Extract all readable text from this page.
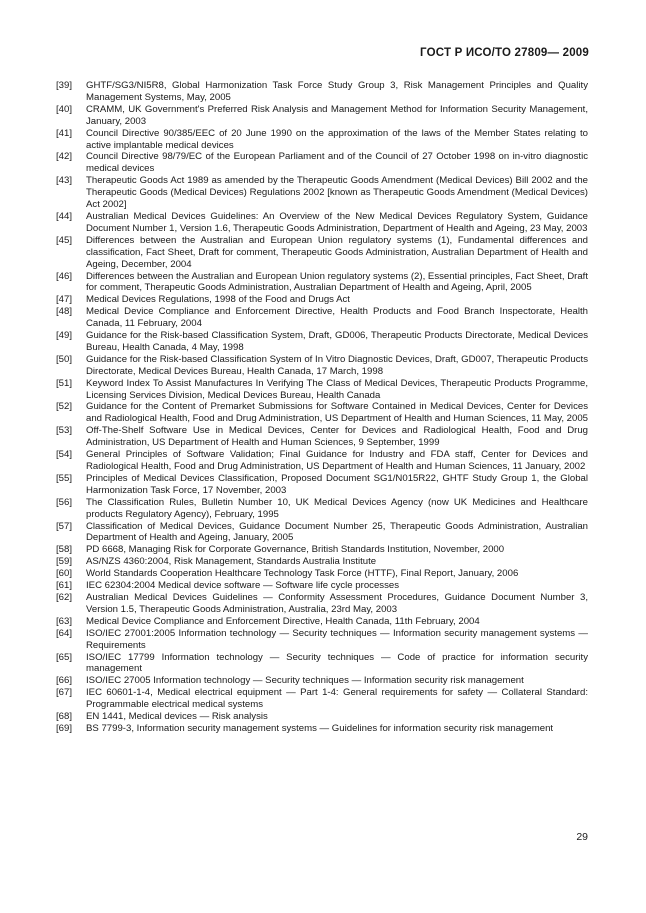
ГОСТ Р ИСО/ТО 27809— 2009
[39]	GHTF/SG3/NI5R8, Global Harmonization Task Force Study Group 3, Risk Management Principles and Quality Management Systems, May, 2005
[40]	CRAMM, UK Government's Preferred Risk Analysis and Management Method for Information Security Management, January, 2003
[41]	Council Directive 90/385/EEC of 20 June 1990 on the approximation of the laws of the Member States relating to active implantable medical devices
[42]	Council Directive 98/79/EC of the European Parliament and of the Council of 27 October 1998 on in-vitro diagnostic medical devices
[43]	Therapeutic Goods Act 1989 as amended by the Therapeutic Goods Amendment (Medical Devices) Bill 2002 and the Therapeutic Goods (Medical Devices) Regulations 2002 [known as Therapeutic Goods Amendment (Medical Devices) Act 2002]
[44]	Australian Medical Devices Guidelines: An Overview of the New Medical Devices Regulatory System, Guidance Document Number 1, Version 1.6, Therapeutic Goods Administration, Department of Health and Ageing, 23 May, 2003
[45]	Differences between the Australian and European Union regulatory systems (1), Fundamental differences and classification, Fact Sheet, Draft for comment, Therapeutic Goods Administration, Australian Department of Health and Ageing, December, 2004
[46]	Differences between the Australian and European Union regulatory systems (2), Essential principles, Fact Sheet, Draft for comment, Therapeutic Goods Administration, Australian Department of Health and Ageing, April, 2005
[47]	Medical Devices Regulations, 1998 of the Food and Drugs Act
[48]	Medical Device Compliance and Enforcement Directive, Health Products and Food Branch Inspectorate, Health Canada, 11 February, 2004
[49]	Guidance for the Risk-based Classification System, Draft, GD006, Therapeutic Products Directorate, Medical Devices Bureau, Health Canada, 4 May, 1998
[50]	Guidance for the Risk-based Classification System of In Vitro Diagnostic Devices, Draft, GD007, Therapeutic Products Directorate, Medical Devices Bureau, Health Canada, 17 March, 1998
[51]	Keyword Index To Assist Manufactures In Verifying The Class of Medical Devices, Therapeutic Products Programme, Licensing Services Division, Medical Devices Bureau, Health Canada
[52]	Guidance for the Content of Premarket Submissions for Software Contained in Medical Devices, Center for Devices and Radiological Health, Food and Drug Administration, US Department of Health and Human Sciences, 11 May, 2005
[53]	Off-The-Shelf Software Use in Medical Devices, Center for Devices and Radiological Health, Food and Drug Administration, US Department of Health and Human Sciences, 9 September, 1999
[54]	General Principles of Software Validation; Final Guidance for Industry and FDA staff, Center for Devices and Radiological Health, Food and Drug Administration, US Department of Health and Human Sciences, 11 January, 2002
[55]	Principles of Medical Devices Classification, Proposed Document SG1/N015R22, GHTF Study Group 1, the Global Harmonization Task Force, 17 November, 2003
[56]	The Classification Rules, Bulletin Number 10, UK Medical Devices Agency (now UK Medicines and Healthcare products Regulatory Agency), February, 1995
[57]	Classification of Medical Devices, Guidance Document Number 25, Therapeutic Goods Administration, Australian Department of Health and Ageing, January, 2005
[58]	PD 6668, Managing Risk for Corporate Governance, British Standards Institution, November, 2000
[59]	AS/NZS 4360:2004, Risk Management, Standards Australia Institute
[60]	World Standards Cooperation Healthcare Technology Task Force (HTTF), Final Report, January, 2006
[61]	IEC 62304:2004 Medical device software — Software life cycle processes
[62]	Australian Medical Devices Guidelines — Conformity Assessment Procedures, Guidance Document Number 3, Version 1.5, Therapeutic Goods Administration, Australia, 23rd May, 2003
[63]	Medical Device Compliance and Enforcement Directive, Health Canada, 11th February, 2004
[64]	ISO/IEC 27001:2005 Information technology — Security techniques — Information security management systems — Requirements
[65]	ISO/IEC 17799 Information technology — Security techniques — Code of practice for information security management
[66]	ISO/IEC 27005 Information technology — Security techniques — Information security risk management
[67]	IEC 60601-1-4, Medical electrical equipment — Part 1-4: General requirements for safety — Collateral Standard: Programmable electrical medical systems
[68]	EN 1441, Medical devices — Risk analysis
[69]	BS 7799-3, Information security management systems — Guidelines for information security risk management
29
